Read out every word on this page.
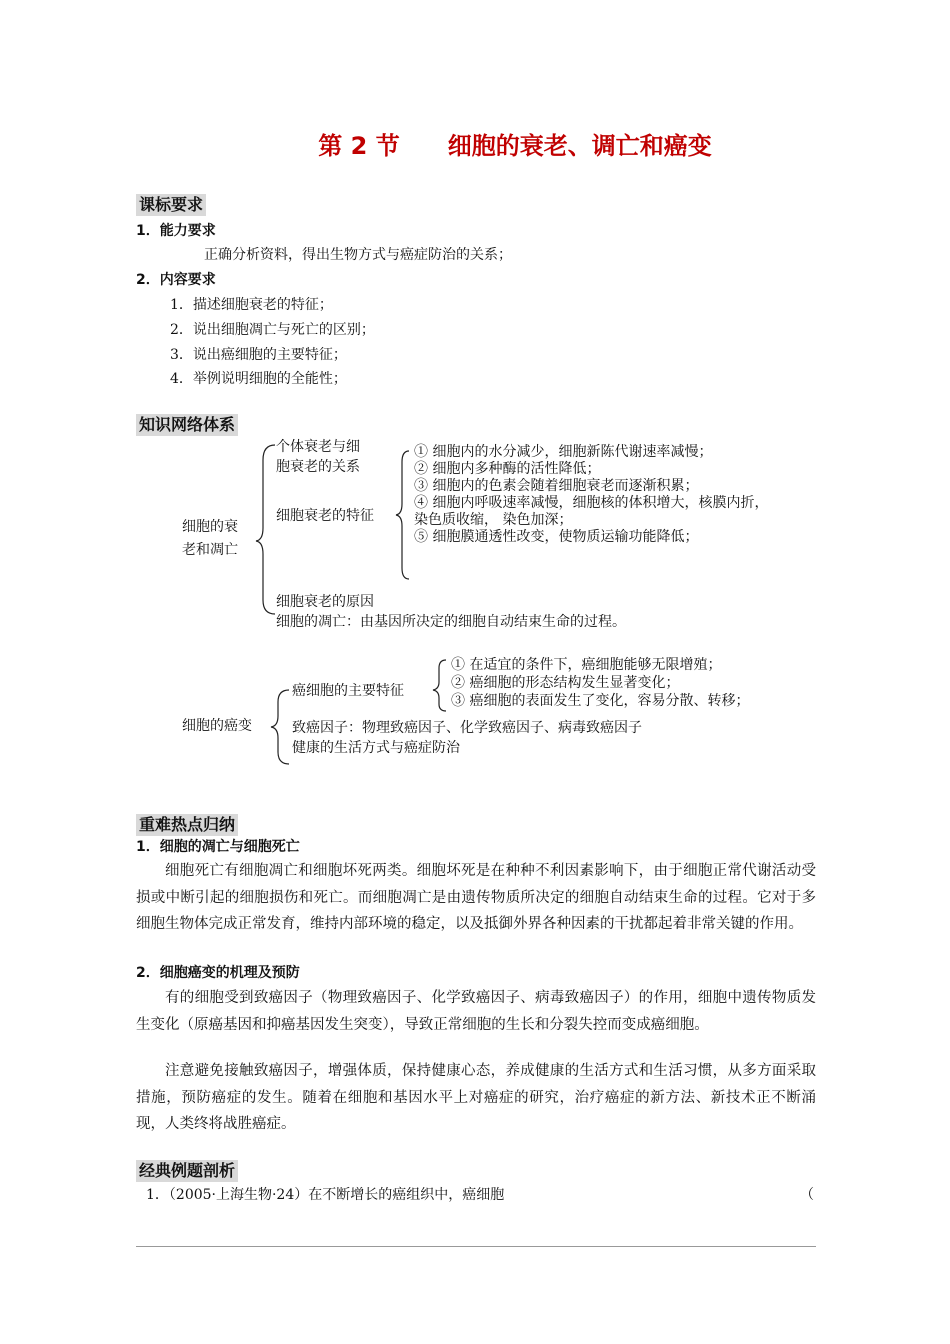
第 2 节　　细胞的衰老、调亡和癌变
课标要求
1．能力要求
正确分析资料，得出生物方式与癌症防治的关系；
2．内容要求
1．描述细胞衰老的特征；
2．说出细胞凋亡与死亡的区别；
3．说出癌细胞的主要特征；
4．举例说明细胞的全能性；
知识网络体系
细胞的衰
老和凋亡
个体衰老与细
胞衰老的关系
细胞衰老的特征
① 细胞内的水分减少，细胞新陈代谢速率减慢；
② 细胞内多种酶的活性降低；
③ 细胞内的色素会随着细胞衰老而逐渐积累；
④ 细胞内呼吸速率减慢，细胞核的体积增大，核膜内折，
染色质收缩， 染色加深；
⑤ 细胞膜通透性改变，使物质运输功能降低；
细胞衰老的原因
细胞的凋亡：由基因所决定的细胞自动结束生命的过程。
细胞的癌变
癌细胞的主要特征
① 在适宜的条件下，癌细胞能够无限增殖；
② 癌细胞的形态结构发生显著变化；
③ 癌细胞的表面发生了变化，容易分散、转移；
致癌因子：物理致癌因子、化学致癌因子、病毒致癌因子
健康的生活方式与癌症防治
重难热点归纳
1．细胞的凋亡与细胞死亡
细胞死亡有细胞凋亡和细胞坏死两类。细胞坏死是在种种不利因素影响下，由于细胞正常代谢活动受损或中断引起的细胞损伤和死亡。而细胞凋亡是由遗传物质所决定的细胞自动结束生命的过程。它对于多细胞生物体完成正常发育，维持内部环境的稳定，以及抵御外界各种因素的干扰都起着非常关键的作用。
2．细胞癌变的机理及预防
有的细胞受到致癌因子（物理致癌因子、化学致癌因子、病毒致癌因子）的作用，细胞中遗传物质发生变化（原癌基因和抑癌基因发生突变），导致正常细胞的生长和分裂失控而变成癌细胞。
注意避免接触致癌因子，增强体质，保持健康心态，养成健康的生活方式和生活习惯，从多方面采取措施，预防癌症的发生。随着在细胞和基因水平上对癌症的研究，治疗癌症的新方法、新技术正不断涌现，人类终将战胜癌症。
经典例题剖析
1．（2005·上海生物·24）在不断增长的癌组织中，癌细胞	（
